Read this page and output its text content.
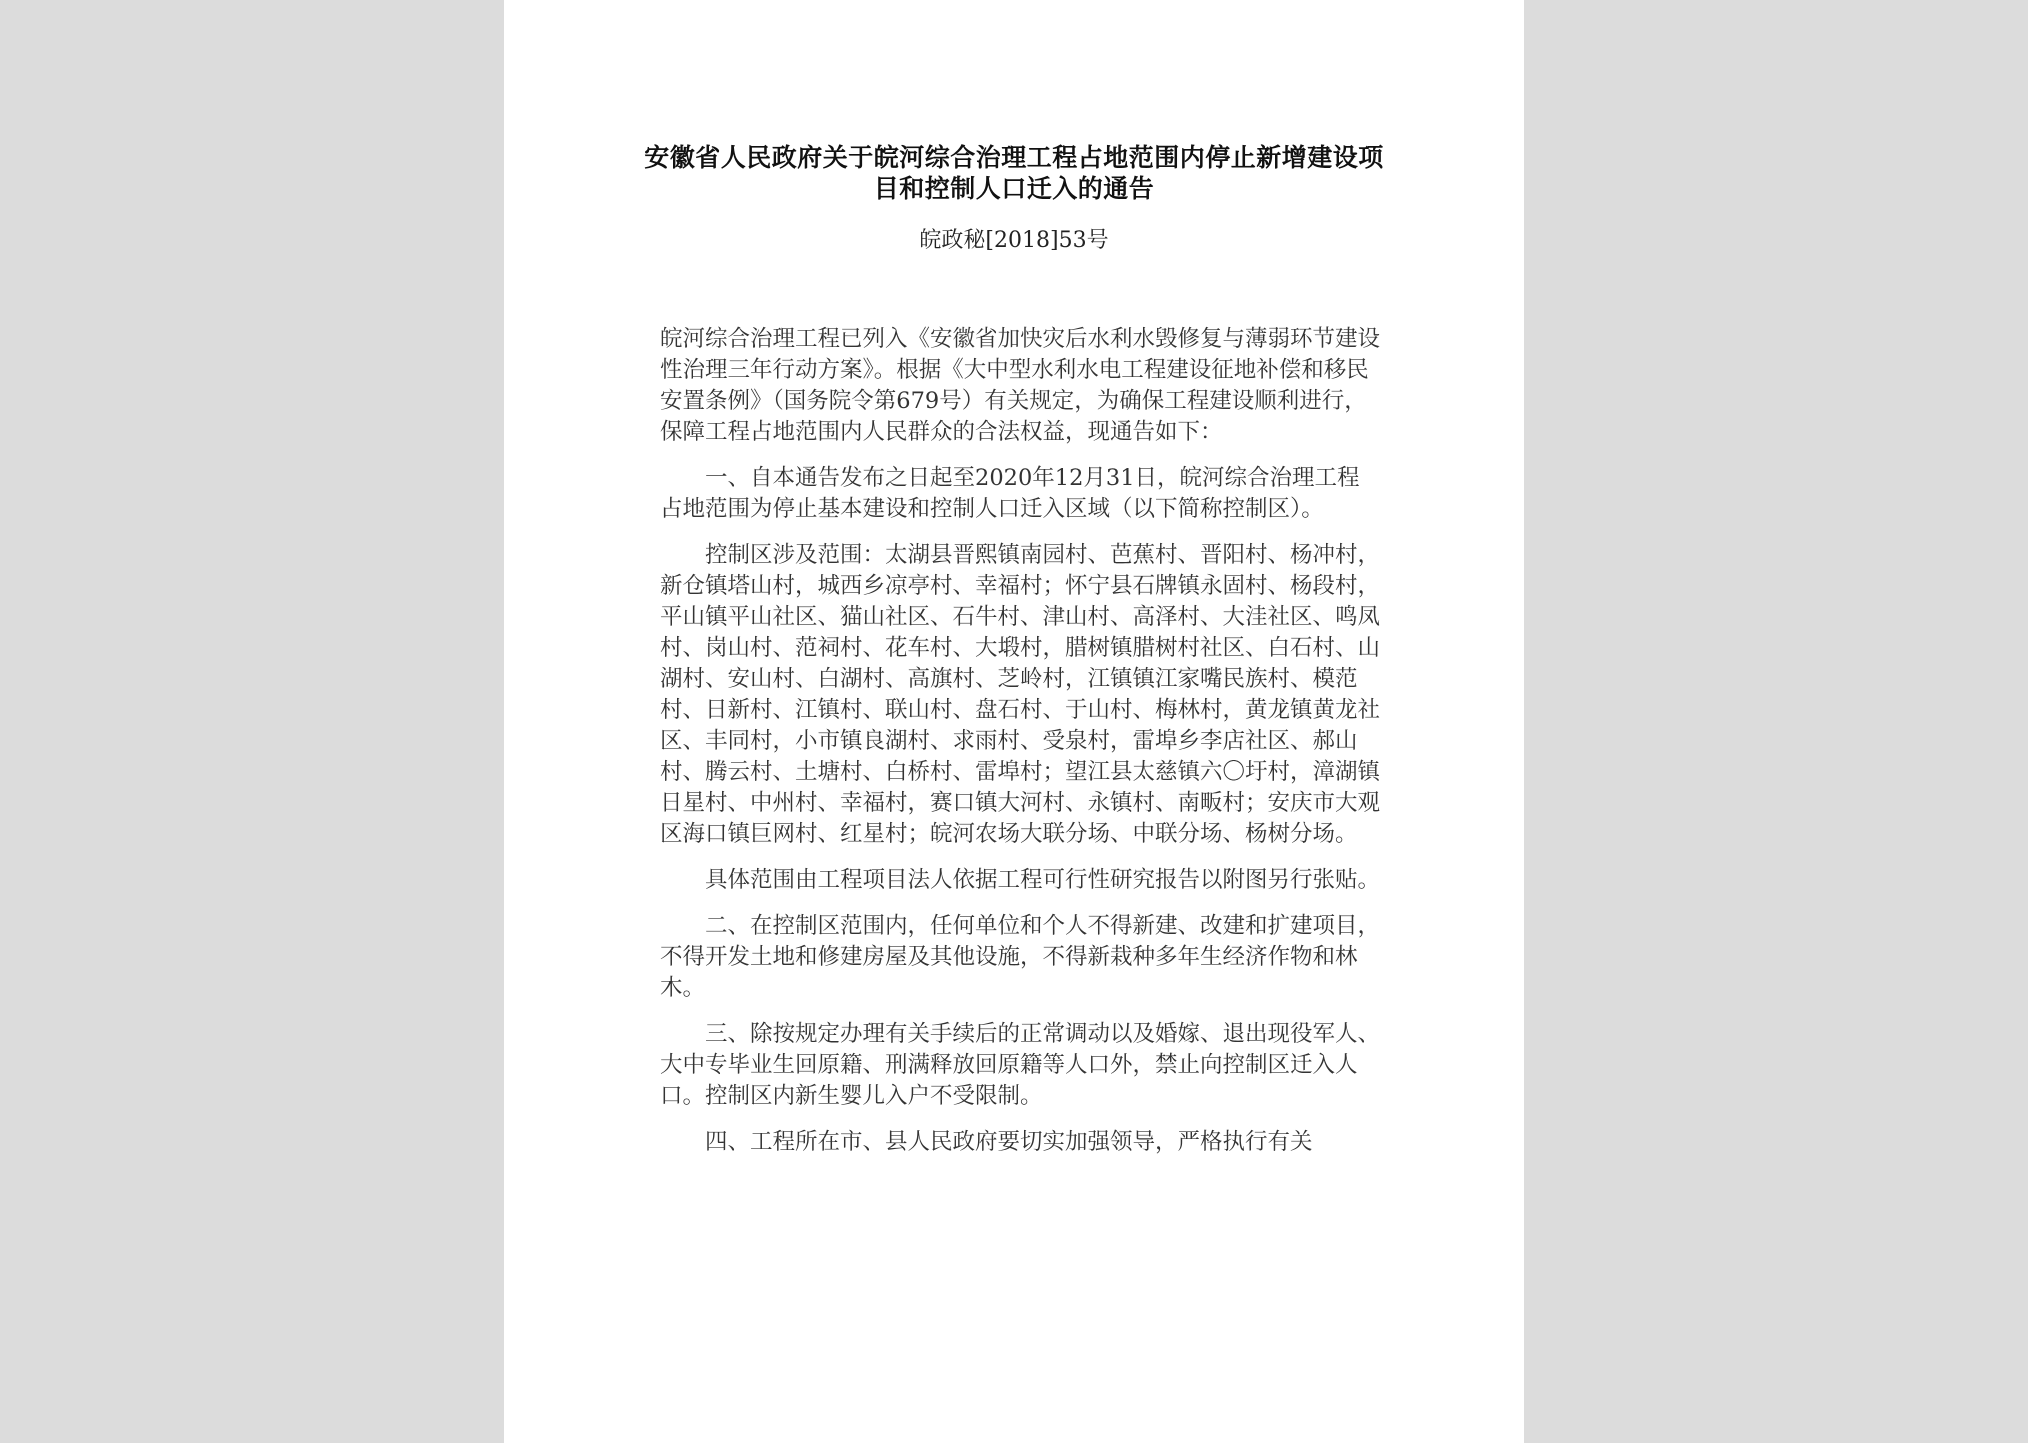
安徽省人民政府关于皖河综合治理工程占地范围内停止新增建设项
目和控制人口迁入的通告
皖政秘[2018]53号

皖河综合治理工程已列入《安徽省加快灾后水利水毁修复与薄弱环节建设性治理三年行动方案》。根据《大中型水利水电工程建设征地补偿和移民安置条例》（国务院令第679号）有关规定，为确保工程建设顺利进行，保障工程占地范围内人民群众的合法权益，现通告如下：

一、自本通告发布之日起至2020年12月31日，皖河综合治理工程占地范围为停止基本建设和控制人口迁入区域（以下简称控制区）。

控制区涉及范围：太湖县晋熙镇南园村、芭蕉村、晋阳村、杨冲村，新仓镇塔山村，城西乡凉亭村、幸福村；怀宁县石牌镇永固村、杨段村，平山镇平山社区、猫山社区、石牛村、津山村、高泽村、大洼社区、鸣凤村、岗山村、范祠村、花车村、大塅村，腊树镇腊树村社区、白石村、山湖村、安山村、白湖村、高旗村、芝岭村，江镇镇江家嘴民族村、模范村、日新村、江镇村、联山村、盘石村、于山村、梅林村，黄龙镇黄龙社区、丰同村，小市镇良湖村、求雨村、受泉村，雷埠乡李店社区、郝山村、腾云村、土塘村、白桥村、雷埠村；望江县太慈镇六〇圩村，漳湖镇日星村、中州村、幸福村，赛口镇大河村、永镇村、南畈村；安庆市大观区海口镇巨网村、红星村；皖河农场大联分场、中联分场、杨树分场。

具体范围由工程项目法人依据工程可行性研究报告以附图另行张贴。

二、在控制区范围内，任何单位和个人不得新建、改建和扩建项目，不得开发土地和修建房屋及其他设施，不得新栽种多年生经济作物和林木。

三、除按规定办理有关手续后的正常调动以及婚嫁、退出现役军人、大中专毕业生回原籍、刑满释放回原籍等人口外，禁止向控制区迁入人口。控制区内新生婴儿入户不受限制。

四、工程所在市、县人民政府要切实加强领导，严格执行有关
